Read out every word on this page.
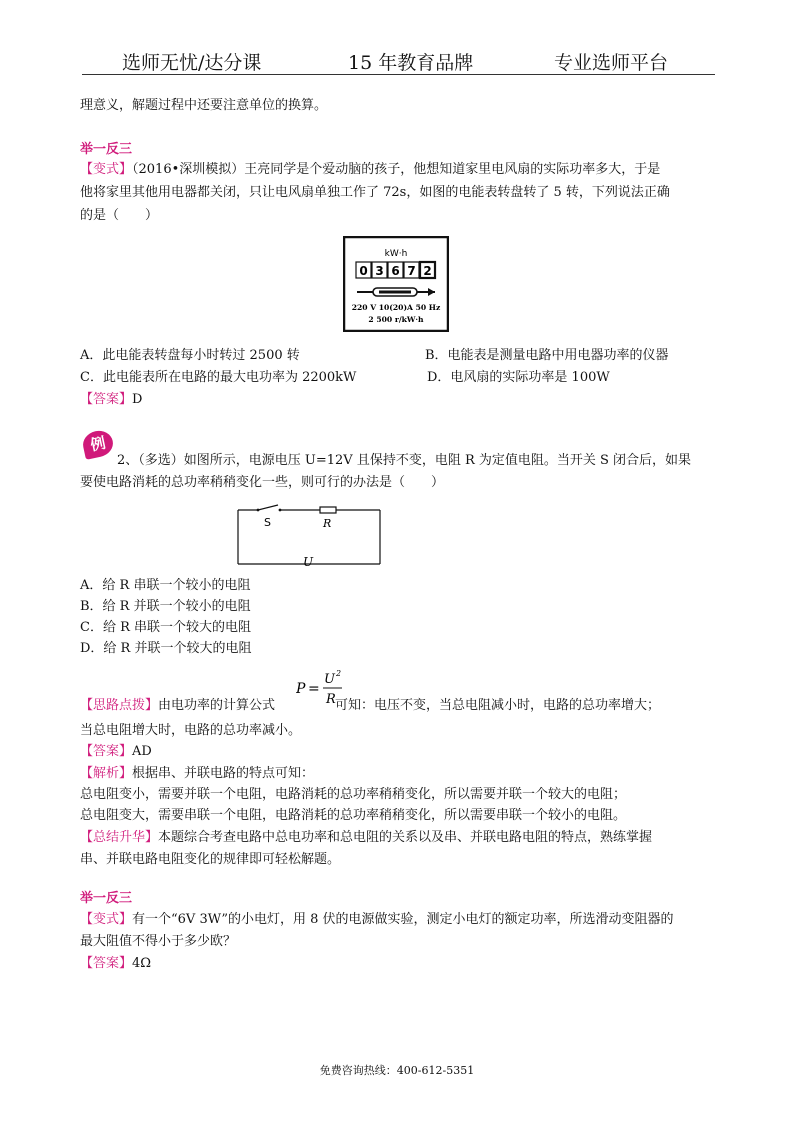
选师无忧/达分课	15 年教育品牌	专业选师平台
理意义，解题过程中还要注意单位的换算。
举一反三
【变式】（2016•深圳模拟）王亮同学是个爱动脑的孩子，他想知道家里电风扇的实际功率多大，于是
他将家里其他用电器都关闭，只让电风扇单独工作了 72s，如图的电能表转盘转了 5 转，下列说法正确
的是（　　）
kW·h
0 3 6 7 2
220 V 10(20)A 50 Hz
2 500 r/kW·h
A．此电能表转盘每小时转过 2500 转	B．电能表是测量电路中用电器功率的仪器
C．此电能表所在电路的最大电功率为 2200kW	D．电风扇的实际功率是 100W
【答案】D
例
2、（多选）如图所示，电源电压 U=12V 且保持不变，电阻 R 为定值电阻。当开关 S 闭合后，如果
要使电路消耗的总功率稍稍变化一些，则可行的办法是（　　）
S	R
U
A．给 R 串联一个较小的电阻
B．给 R 并联一个较小的电阻
C．给 R 串联一个较大的电阻
D．给 R 并联一个较大的电阻
P =
U 2
R
【思路点拨】由电功率的计算公式	可知：电压不变，当总电阻减小时，电路的总功率增大；
当总电阻增大时，电路的总功率减小。
【答案】AD
【解析】根据串、并联电路的特点可知：
总电阻变小，需要并联一个电阻，电路消耗的总功率稍稍变化，所以需要并联一个较大的电阻；
总电阻变大，需要串联一个电阻，电路消耗的总功率稍稍变化，所以需要串联一个较小的电阻。
【总结升华】本题综合考查电路中总电功率和总电阻的关系以及串、并联电路电阻的特点，熟练掌握
串、并联电路电阻变化的规律即可轻松解题。
举一反三
【变式】有一个“6V 3W”的小电灯，用 8 伏的电源做实验，测定小电灯的额定功率，所选滑动变阻器的
最大阻值不得小于多少欧？
【答案】4Ω
免费咨询热线：400-612-5351
